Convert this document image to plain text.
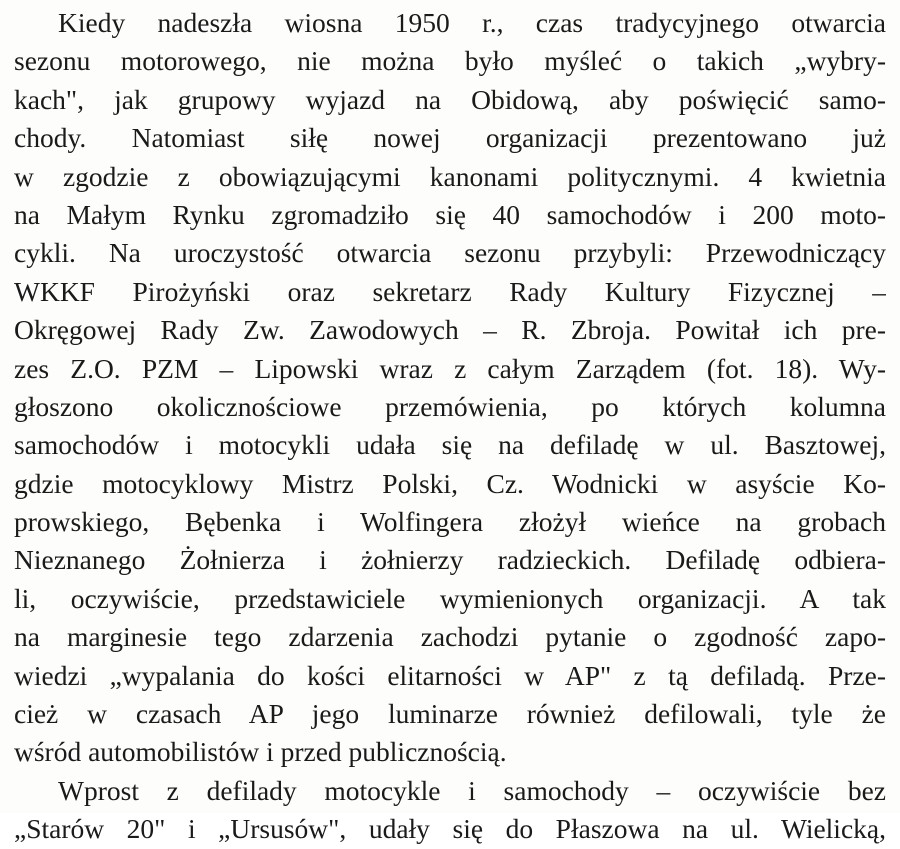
Kiedy nadeszła wiosna 1950 r., czas tradycyjnego otwarcia
sezonu motorowego, nie można było myśleć o takich „wybry-
kach", jak grupowy wyjazd na Obidową, aby poświęcić samo-
chody. Natomiast siłę nowej organizacji prezentowano już
w zgodzie z obowiązującymi kanonami politycznymi. 4 kwietnia
na Małym Rynku zgromadziło się 40 samochodów i 200 moto-
cykli. Na uroczystość otwarcia sezonu przybyli: Przewodniczący
WKKF Pirożyński oraz sekretarz Rady Kultury Fizycznej –
Okręgowej Rady Zw. Zawodowych – R. Zbroja. Powitał ich pre-
zes Z.O. PZM – Lipowski wraz z całym Zarządem (fot. 18). Wy-
głoszono okolicznościowe przemówienia, po których kolumna
samochodów i motocykli udała się na defiladę w ul. Basztowej,
gdzie motocyklowy Mistrz Polski, Cz. Wodnicki w asyście Ko-
prowskiego, Bębenka i Wolfingera złożył wieńce na grobach
Nieznanego Żołnierza i żołnierzy radzieckich. Defiladę odbiera-
li, oczywiście, przedstawiciele wymienionych organizacji. A tak
na marginesie tego zdarzenia zachodzi pytanie o zgodność zapo-
wiedzi „wypalania do kości elitarności w AP" z tą defiladą. Prze-
cież w czasach AP jego luminarze również defilowali, tyle że
wśród automobilistów i przed publicznością.
Wprost z defilady motocykle i samochody – oczywiście bez
„Starów 20" i „Ursusów", udały się do Płaszowa na ul. Wielicką,
